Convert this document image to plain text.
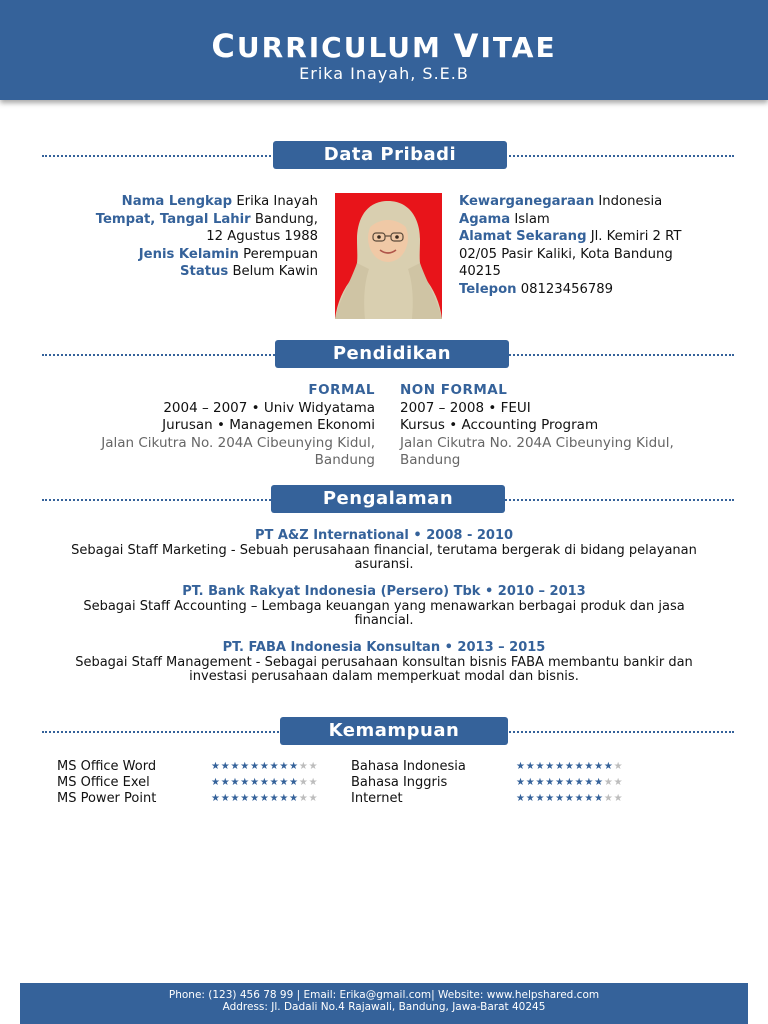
CURRICULUM VITAE
Erika Inayah, S.E.B
Data Pribadi
Nama Lengkap Erika Inayah
Tempat, Tangal Lahir Bandung,
12 Agustus 1988
Jenis Kelamin Perempuan
Status Belum Kawin
Kewarganegaraan Indonesia
Agama Islam
Alamat Sekarang Jl. Kemiri 2 RT
02/05 Pasir Kaliki, Kota Bandung
40215
Telepon 08123456789
Pendidikan
FORMAL
2004 – 2007 • Univ Widyatama
Jurusan • Managemen Ekonomi
Jalan Cikutra No. 204A Cibeunying Kidul,
Bandung
NON FORMAL
2007 – 2008 • FEUI
Kursus • Accounting Program
Jalan Cikutra No. 204A Cibeunying Kidul,
Bandung
Pengalaman
PT A&Z International • 2008 - 2010
Sebagai Staff Marketing - Sebuah perusahaan financial, terutama bergerak di bidang pelayanan
asuransi.
PT. Bank Rakyat Indonesia (Persero) Tbk • 2010 – 2013
Sebagai Staff Accounting – Lembaga keuangan yang menawarkan berbagai produk dan jasa
financial.
PT. FABA Indonesia Konsultan • 2013 – 2015
Sebagai Staff Management - Sebagai perusahaan konsultan bisnis FABA membantu bankir dan
investasi perusahaan dalam memperkuat modal dan bisnis.
Kemampuan
MS Office Word	★★★★★★★★★★★
MS Office Exel	★★★★★★★★★★★
MS Power Point	★★★★★★★★★★★
Bahasa Indonesia	★★★★★★★★★★★
Bahasa Inggris	★★★★★★★★★★★
Internet	★★★★★★★★★★★
Phone: (123) 456 78 99 | Email: Erika@gmail.com| Website: www.helpshared.com
Address: Jl. Dadali No.4 Rajawali, Bandung, Jawa-Barat 40245
